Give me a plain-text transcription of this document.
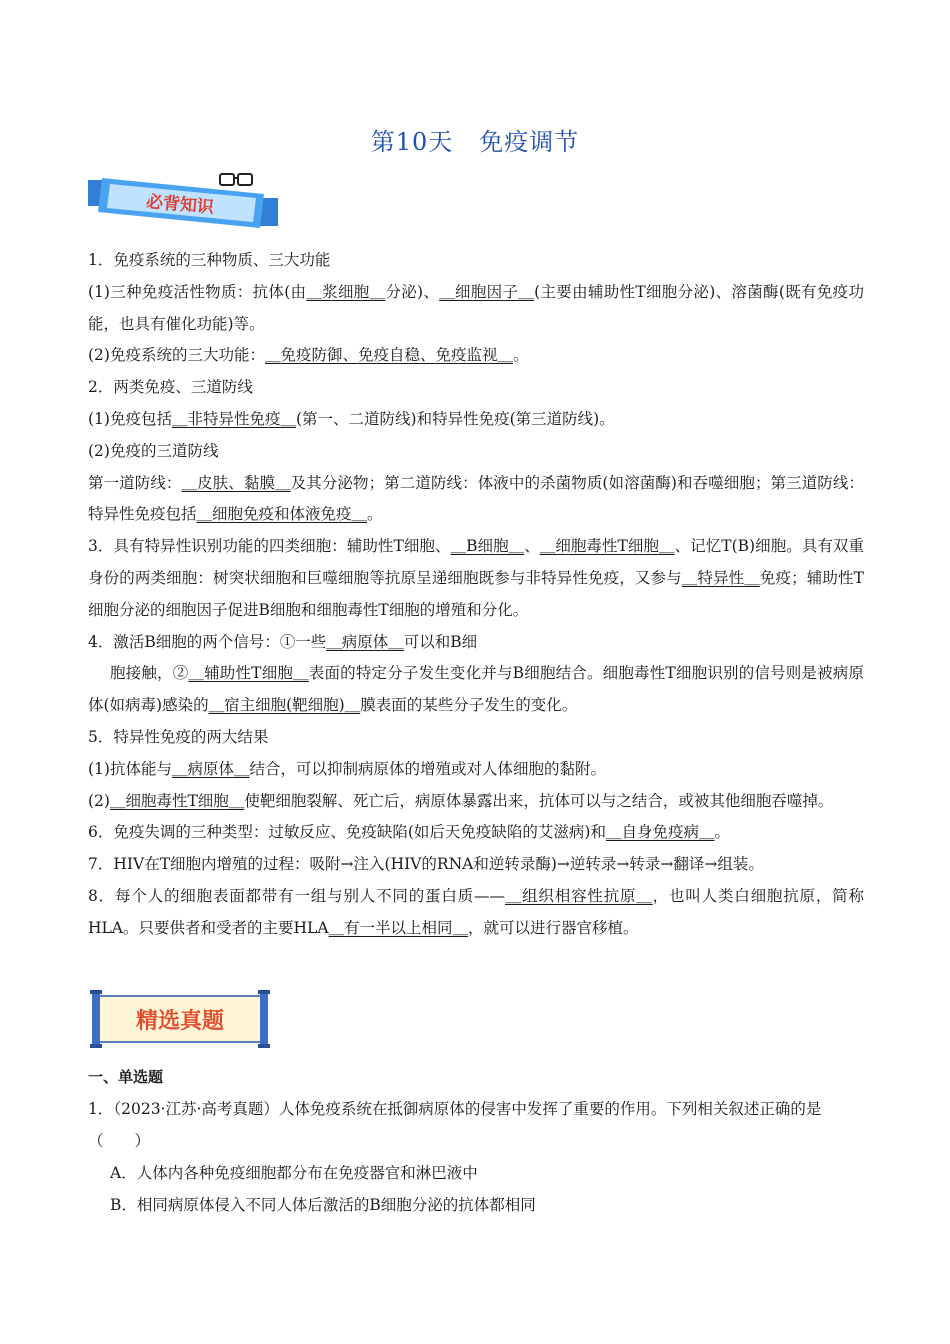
第10天 免疫调节
必背知识

1．免疫系统的三种物质、三大功能

(1)三种免疫活性物质：抗体(由＿浆细胞＿分泌)、＿细胞因子＿(主要由辅助性T细胞分泌)、溶菌酶(既有免疫功能，也具有催化功能)等。

(2)免疫系统的三大功能：＿免疫防御、免疫自稳、免疫监视＿。

2．两类免疫、三道防线

(1)免疫包括＿非特异性免疫＿(第一、二道防线)和特异性免疫(第三道防线)。

(2)免疫的三道防线

第一道防线：＿皮肤、黏膜＿及其分泌物；第二道防线：体液中的杀菌物质(如溶菌酶)和吞噬细胞；第三道防线：特异性免疫包括＿细胞免疫和体液免疫＿。

3．具有特异性识别功能的四类细胞：辅助性T细胞、＿B细胞＿、＿细胞毒性T细胞＿、记忆T(B)细胞。具有双重身份的两类细胞：树突状细胞和巨噬细胞等抗原呈递细胞既参与非特异性免疫，又参与＿特异性＿免疫；辅助性T细胞分泌的细胞因子促进B细胞和细胞毒性T细胞的增殖和分化。

4．激活B细胞的两个信号：①一些＿病原体＿可以和B细

胞接触，②＿辅助性T细胞＿表面的特定分子发生变化并与B细胞结合。细胞毒性T细胞识别的信号则是被病原体(如病毒)感染的＿宿主细胞(靶细胞)＿膜表面的某些分子发生的变化。

5．特异性免疫的两大结果

(1)抗体能与＿病原体＿结合，可以抑制病原体的增殖或对人体细胞的黏附。

(2)＿细胞毒性T细胞＿使靶细胞裂解、死亡后，病原体暴露出来，抗体可以与之结合，或被其他细胞吞噬掉。

6．免疫失调的三种类型：过敏反应、免疫缺陷(如后天免疫缺陷的艾滋病)和＿自身免疫病＿。

7．HIV在T细胞内增殖的过程：吸附→注入(HIV的RNA和逆转录酶)→逆转录→转录→翻译→组装。

8．每个人的细胞表面都带有一组与别人不同的蛋白质——＿组织相容性抗原＿，也叫人类白细胞抗原，简称HLA。只要供者和受者的主要HLA＿有一半以上相同＿，就可以进行器官移植。

精选真题

一、单选题

1．（2023·江苏·高考真题）人体免疫系统在抵御病原体的侵害中发挥了重要的作用。下列相关叙述正确的是（　　）

A．人体内各种免疫细胞都分布在免疫器官和淋巴液中

B．相同病原体侵入不同人体后激活的B细胞分泌的抗体都相同
